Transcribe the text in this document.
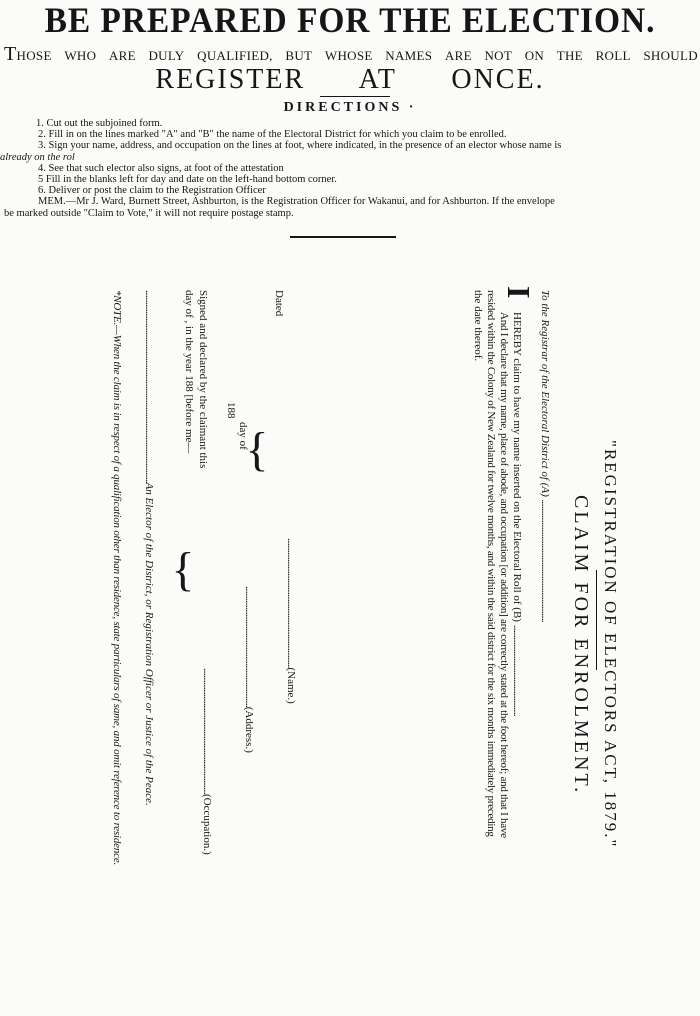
BE PREPARED FOR THE ELECTION.
THOSE WHO ARE DULY QUALIFIED, BUT WHOSE NAMES ARE NOT ON THE ROLL SHOULD
REGISTER AT ONCE.
DIRECTIONS ·
1. Cut out the subjoined form.
2. Fill in on the lines marked "A" and "B" the name of the Electoral District for which you claim to be enrolled.
3. Sign your name, address, and occupation on the lines at foot, where indicated, in the presence of an elector whose name is
already on the rol
4. See that such elector also signs, at foot of the attestation
5 Fill in the blanks left for day and date on the left-hand bottom corner.
6. Deliver or post the claim to the Registration Officer
MEM.—Mr J. Ward, Burnett Street, Ashburton, is the Registration Officer for Wakanui, and for Ashburton. If the envelope
be marked outside "Claim to Vote," it will not require postage stamp.
"REGISTRATION OF ELECTORS ACT, 1879."
CLAIM FOR ENROLMENT.
To the Registrar of the Electoral District of (A) ......................................................................
I
HEREBY claim to have my name inserted on the Electoral Roll of (B) ....................................................
And I declare that my name, place of abode, and occupation [or addition] are correctly stated at the foot hereof; and that I have
resided within the Colony of New Zealand for twelve months, and within the said district for the six months immediately preceding
the date thereof.
..........................................................................(Name.)
Dated
day of
188
}
.....................................................................(Address.)
Signed and declared by the claimant this
day of , in the year 188 [before me—
}
........................................................................(Occupation.)
..............................................................................................................An Elector of the District, or Registration Officer or Justice of the Peace.
*NOTE.—When the claim is in respect of a qualification other than residence, state particulars of same, and omit reference to residence.
